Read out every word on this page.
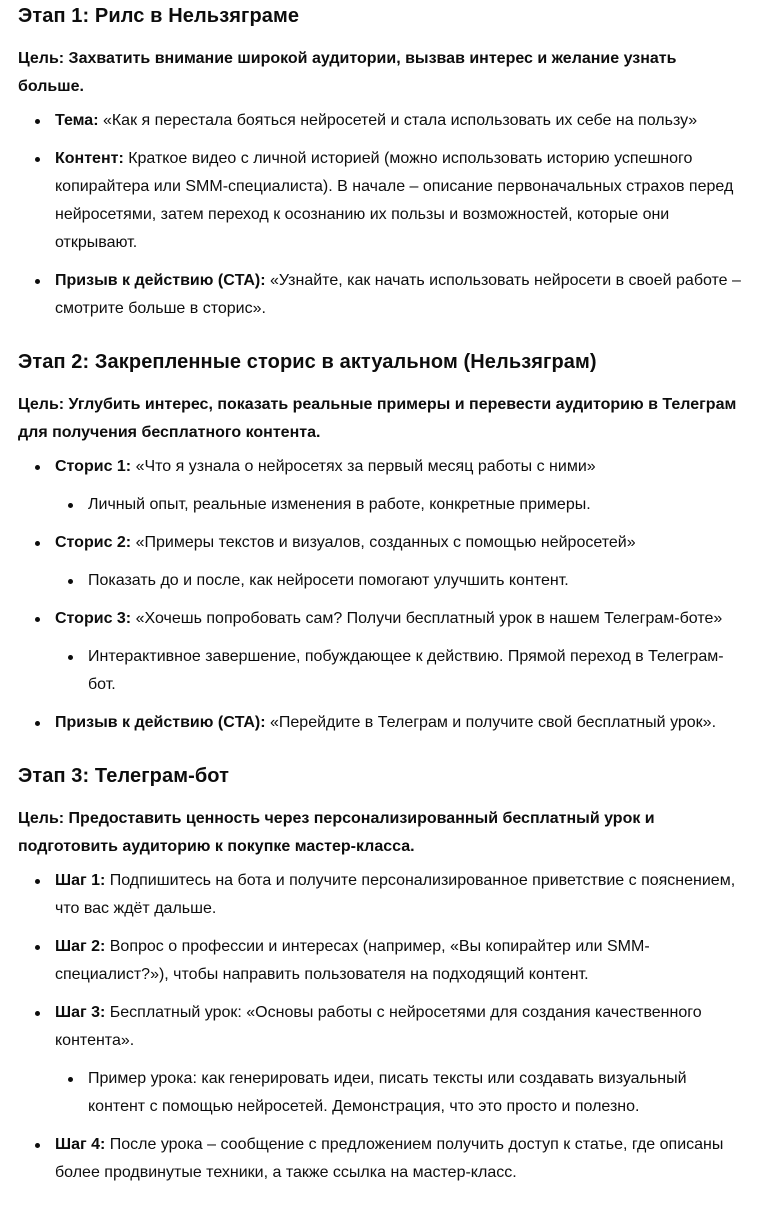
Этап 1: Рилс в Нельзяграме

Цель: Захватить внимание широкой аудитории, вызвав интерес и желание узнать больше.

Тема: «Как я перестала бояться нейросетей и стала использовать их себе на пользу»
Контент: Краткое видео с личной историей (можно использовать историю успешного копирайтера или SMM-специалиста). В начале – описание первоначальных страхов перед нейросетями, затем переход к осознанию их пользы и возможностей, которые они открывают.
Призыв к действию (CTA): «Узнайте, как начать использовать нейросети в своей работе – смотрите больше в сторис».
Этап 2: Закрепленные сторис в актуальном (Нельзяграм)

Цель: Углубить интерес, показать реальные примеры и перевести аудиторию в Телеграм для получения бесплатного контента.

Сторис 1: «Что я узнала о нейросетях за первый месяц работы с ними»
Личный опыт, реальные изменения в работе, конкретные примеры.
Сторис 2: «Примеры текстов и визуалов, созданных с помощью нейросетей»
Показать до и после, как нейросети помогают улучшить контент.
Сторис 3: «Хочешь попробовать сам? Получи бесплатный урок в нашем Телеграм-боте»
Интерактивное завершение, побуждающее к действию. Прямой переход в Телеграм-бот.
Призыв к действию (CTA): «Перейдите в Телеграм и получите свой бесплатный урок».
Этап 3: Телеграм-бот

Цель: Предоставить ценность через персонализированный бесплатный урок и подготовить аудиторию к покупке мастер-класса.

Шаг 1: Подпишитесь на бота и получите персонализированное приветствие с пояснением, что вас ждёт дальше.
Шаг 2: Вопрос о профессии и интересах (например, «Вы копирайтер или SMM-специалист?»), чтобы направить пользователя на подходящий контент.
Шаг 3: Бесплатный урок: «Основы работы с нейросетями для создания качественного контента».
Пример урока: как генерировать идеи, писать тексты или создавать визуальный контент с помощью нейросетей. Демонстрация, что это просто и полезно.
Шаг 4: После урока – сообщение с предложением получить доступ к статье, где описаны более продвинутые техники, а также ссылка на мастер-класс.
